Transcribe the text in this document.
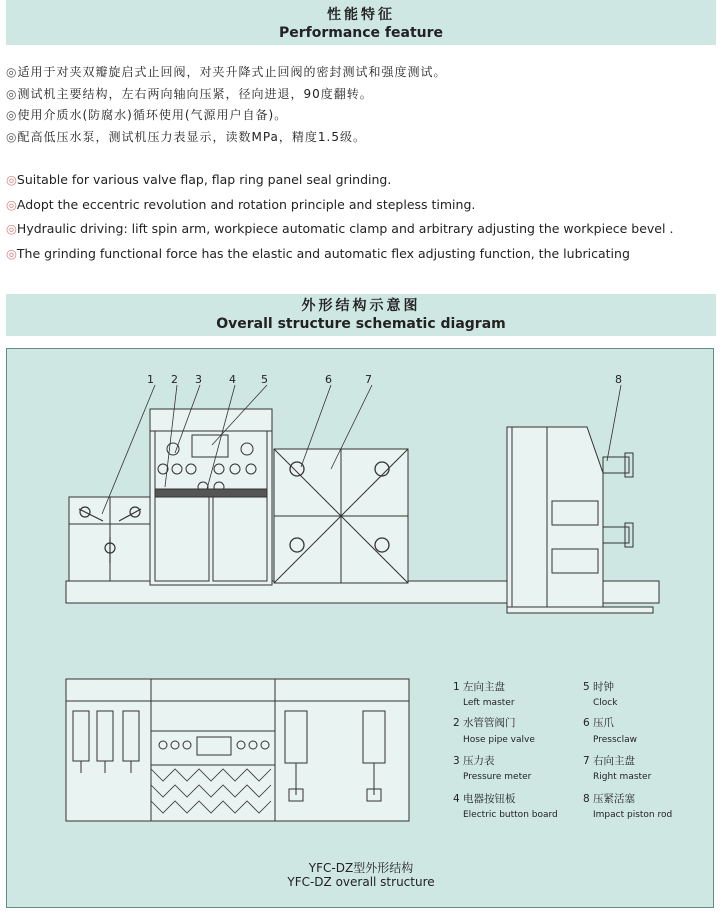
性能特征
Performance feature
◎适用于对夹双瓣旋启式止回阀，对夹升降式止回阀的密封测试和强度测试。
◎测试机主要结构，左右两向轴向压紧，径向进退，90度翻转。
◎使用介质水(防腐水)循环使用(气源用户自备)。
◎配高低压水泵，测试机压力表显示，读数MPa，精度1.5级。
◎Suitable for various valve flap, flap ring panel seal grinding.
◎Adopt the eccentric revolution and rotation principle and stepless timing.
◎Hydraulic driving: lift spin arm, workpiece automatic clamp and arbitrary adjusting the workpiece bevel .
◎The grinding functional force has the elastic and automatic flex adjusting function, the lubricating
外形结构示意图
Overall structure schematic diagram
1 2 3 4 5	6	7	8
1 左向主盘
Left master
2 水管管阀门
Hose pipe valve
3 压力表
Pressure meter
4 电器按钮板
Electric button board
5 时钟
Clock
6 压爪
Pressclaw
7 右向主盘
Right master
8 压紧活塞
Impact piston rod
YFC-DZ型外形结构
YFC-DZ overall structure
